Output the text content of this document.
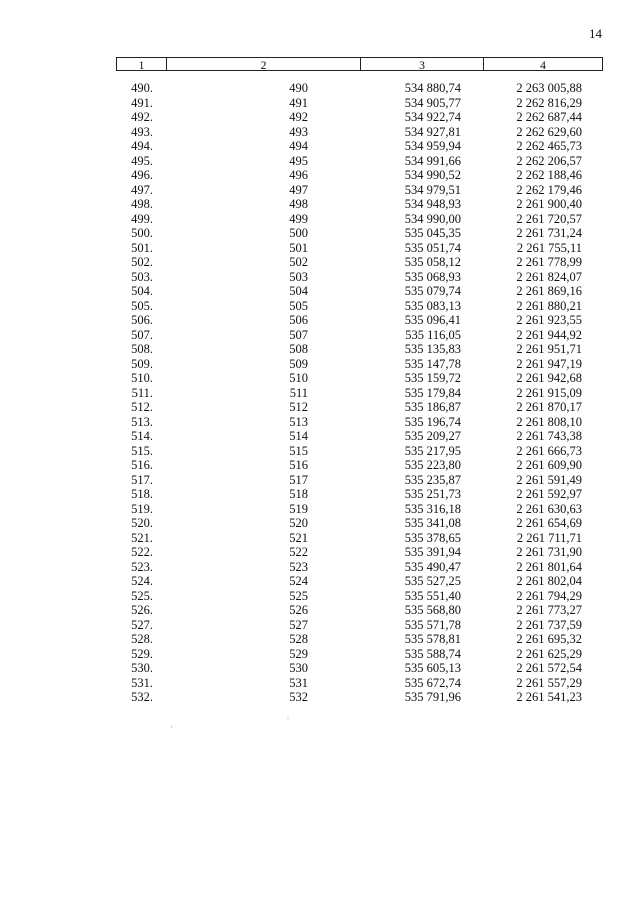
14
1	2	3	4
490.	490	534 880,74	2 263 005,88
491.	491	534 905,77	2 262 816,29
492.	492	534 922,74	2 262 687,44
493.	493	534 927,81	2 262 629,60
494.	494	534 959,94	2 262 465,73
495.	495	534 991,66	2 262 206,57
496.	496	534 990,52	2 262 188,46
497.	497	534 979,51	2 262 179,46
498.	498	534 948,93	2 261 900,40
499.	499	534 990,00	2 261 720,57
500.	500	535 045,35	2 261 731,24
501.	501	535 051,74	2 261 755,11
502.	502	535 058,12	2 261 778,99
503.	503	535 068,93	2 261 824,07
504.	504	535 079,74	2 261 869,16
505.	505	535 083,13	2 261 880,21
506.	506	535 096,41	2 261 923,55
507.	507	535 116,05	2 261 944,92
508.	508	535 135,83	2 261 951,71
509.	509	535 147,78	2 261 947,19
510.	510	535 159,72	2 261 942,68
511.	511	535 179,84	2 261 915,09
512.	512	535 186,87	2 261 870,17
513.	513	535 196,74	2 261 808,10
514.	514	535 209,27	2 261 743,38
515.	515	535 217,95	2 261 666,73
516.	516	535 223,80	2 261 609,90
517.	517	535 235,87	2 261 591,49
518.	518	535 251,73	2 261 592,97
519.	519	535 316,18	2 261 630,63
520.	520	535 341,08	2 261 654,69
521.	521	535 378,65	2 261 711,71
522.	522	535 391,94	2 261 731,90
523.	523	535 490,47	2 261 801,64
524.	524	535 527,25	2 261 802,04
525.	525	535 551,40	2 261 794,29
526.	526	535 568,80	2 261 773,27
527.	527	535 571,78	2 261 737,59
528.	528	535 578,81	2 261 695,32
529.	529	535 588,74	2 261 625,29
530.	530	535 605,13	2 261 572,54
531.	531	535 672,74	2 261 557,29
532.	532	535 791,96	2 261 541,23
·
